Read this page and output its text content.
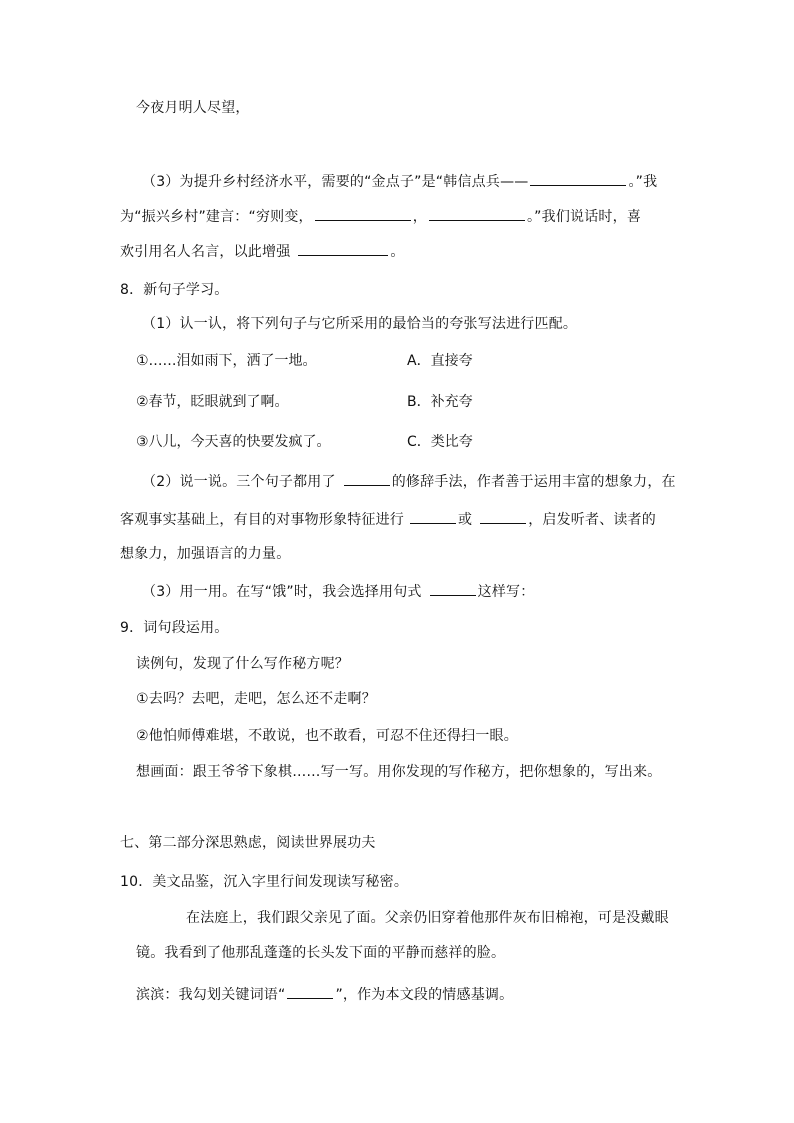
今夜月明人尽望，
（3）为提升乡村经济水平，需要的“金点子”是“韩信点兵——	。”我
为“振兴乡村”建言：“穷则变，	，	。”我们说话时，喜
欢引用名人名言，以此增强	。
8．新句子学习。
（1）认一认，将下列句子与它所采用的最恰当的夸张写法进行匹配。
①……泪如雨下，洒了一地。	A．直接夸
②春节，眨眼就到了啊。	B．补充夸
③八儿，今天喜的快要发疯了。	C．类比夸
（2）说一说。三个句子都用了	的修辞手法，作者善于运用丰富的想象力，在
客观事实基础上，有目的对事物形象特征进行	或	，启发听者、读者的
想象力，加强语言的力量。
（3）用一用。在写“饿”时，我会选择用句式	这样写：
9．词句段运用。
读例句，发现了什么写作秘方呢？
①去吗？去吧，走吧，怎么还不走啊？
②他怕师傅难堪，不敢说，也不敢看，可忍不住还得扫一眼。
想画面：跟王爷爷下象棋……写一写。用你发现的写作秘方，把你想象的，写出来。
七、第二部分深思熟虑，阅读世界展功夫
10．美文品鉴，沉入字里行间发现读写秘密。
在法庭上，我们跟父亲见了面。父亲仍旧穿着他那件灰布旧棉袍，可是没戴眼
镜。我看到了他那乱蓬蓬的长头发下面的平静而慈祥的脸。
滨滨：我勾划关键词语“	”，作为本文段的情感基调。
